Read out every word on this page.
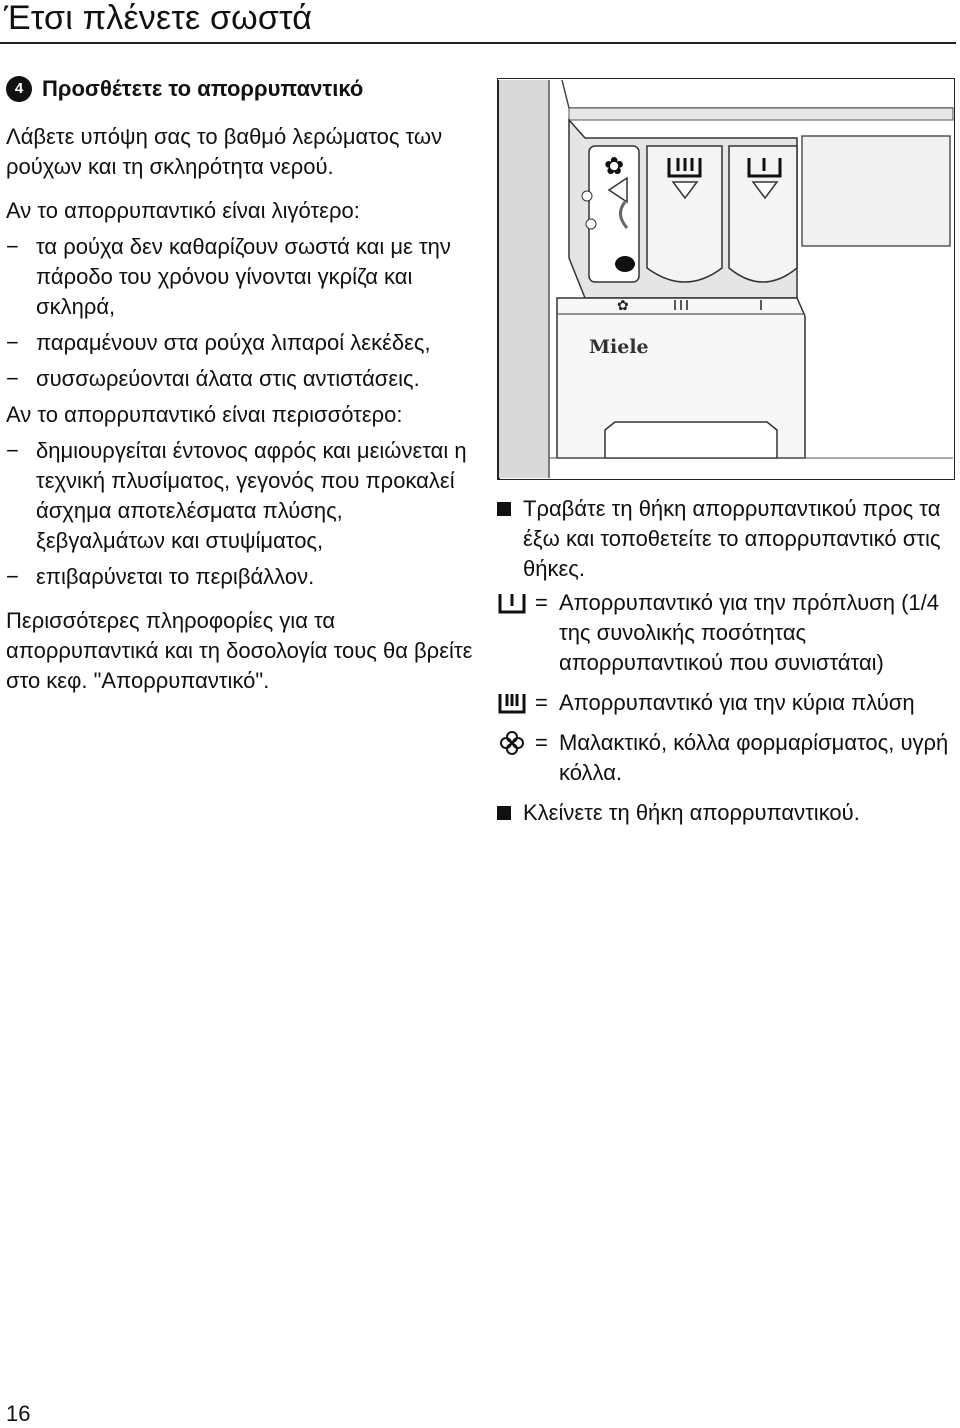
Έτσι πλένετε σωστά
4 Προσθέτετε το απορρυπαντικό

Λάβετε υπόψη σας το βαθμό λερώματος των ρούχων και τη σκληρότητα νερού.

Αν το απορρυπαντικό είναι λιγότερο:

− τα ρούχα δεν καθαρίζουν σωστά και με την πάροδο του χρόνου γίνονται γκρίζα και σκληρά,
− παραμένουν στα ρούχα λιπαροί λεκέδες,
− συσσωρεύονται άλατα στις αντιστάσεις.

Αν το απορρυπαντικό είναι περισσότερο:

− δημιουργείται έντονος αφρός και μειώνεται η τεχνική πλυσίματος, γεγονός που προκαλεί άσχημα αποτελέσματα πλύσης, ξεβγαλμάτων και στυψίματος,
− επιβαρύνεται το περιβάλλον.

Περισσότερες πληροφορίες για τα απορρυπαντικά και τη δοσολογία τους θα βρείτε στο κεφ. "Απορρυπαντικό".

✿
✿
Miele
Τραβάτε τη θήκη απορρυπαντικού προς τα έξω και τοποθετείτε το απορρυπαντικό στις θήκες.
= Απορρυπαντικό για την πρόπλυση (1/4 της συνολικής ποσότητας απορρυπαντικού που συνιστάται)
= Απορρυπαντικό για την κύρια πλύση
= Μαλακτικό, κόλλα φορμαρίσματος, υγρή κόλλα.
Κλείνετε τη θήκη απορρυπαντικού.
16
